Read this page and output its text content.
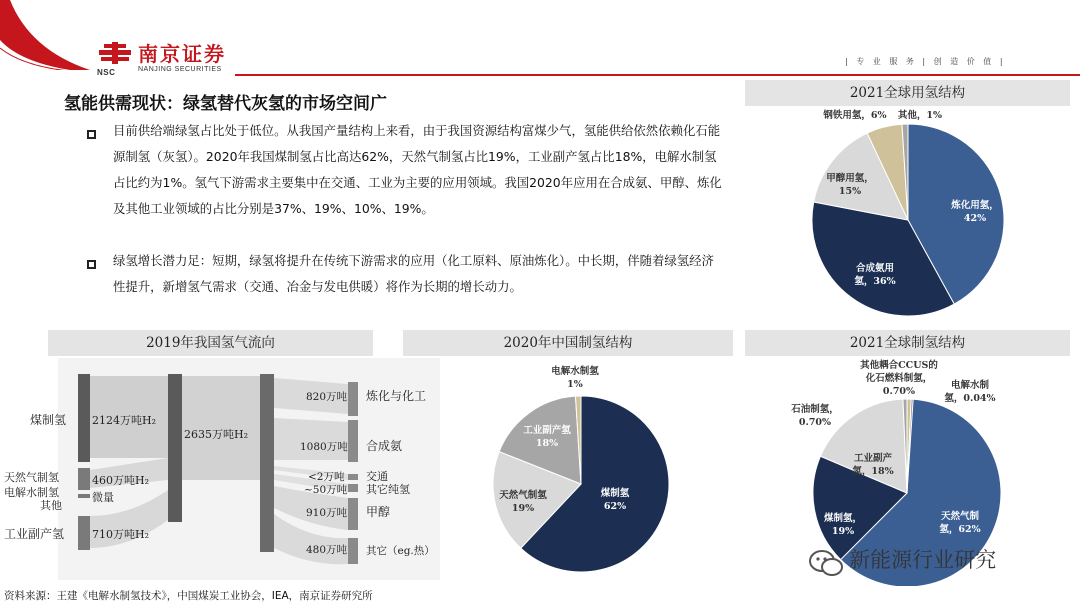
NSC
南京证券
NANJING SECURITIES
| 专 业 服 务 | 创 造 价 值 |
氢能供需现状：绿氢替代灰氢的市场空间广
目前供给端绿氢占比处于低位。从我国产量结构上来看，由于我国资源结构富煤少气，氢能供给依然依赖化石能源制氢（灰氢）。2020年我国煤制氢占比高达62%，天然气制氢占比19%，工业副产氢占比18%，电解水制氢占比约为1%。氢气下游需求主要集中在交通、工业为主要的应用领域。我国2020年应用在合成氨、甲醇、炼化及其他工业领域的占比分别是37%、19%、10%、19%。
绿氢增长潜力足：短期，绿氢将提升在传统下游需求的应用（化工原料、原油炼化）。中长期，伴随着绿氢经济性提升，新增氢气需求（交通、冶金与发电供暖）将作为长期的增长动力。
2019年我国氢气流向	2020年中国制氢结构
2021全球用氢结构
2021全球制氢结构
煤制氢
天然气制氢
电解水制氢
其他
工业副产氢
2124万吨H₂
460万吨H₂
微量
710万吨H₂
2635万吨H₂
820万吨
1080万吨
<2万吨
~50万吨
910万吨
480万吨
炼化与化工
合成氨
交通
其它纯氢
甲醇
其它（eg.热）
炼化用氢， 42%
合成氨用氢，36%
甲醇用氢， 15%
钢铁用氢，6% 其他，1%
煤制氢 62%
天然气制氢 19%
工业副产氢 18%
电解水制氢 1%
天然气制氢，62%
煤制氢， 19%
工业副产氢，18%
石油制氢， 0.70%
其他耦合CCUS的化石燃料制氢， 0.70%
电解水制氢，0.04%
资料来源：王建《电解水制氢技术》，中国煤炭工业协会，IEA，南京证券研究所
新能源行业研究
